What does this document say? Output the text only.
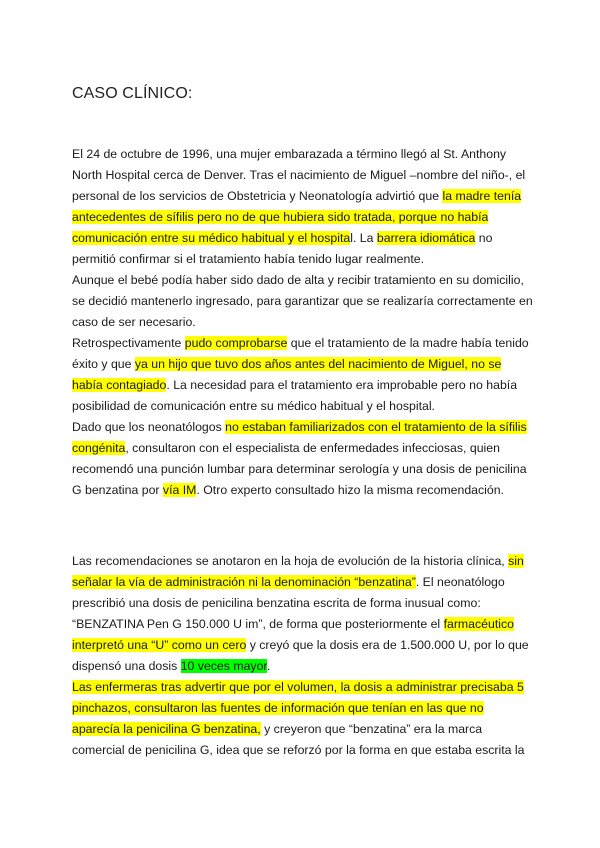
CASO CLÍNICO:
El 24 de octubre de 1996, una mujer embarazada a término llegó al St. Anthony
North Hospital cerca de Denver. Tras el nacimiento de Miguel –nombre del niño-, el
personal de los servicios de Obstetricia y Neonatología advirtió que la madre tenía
antecedentes de sífilis pero no de que hubiera sido tratada, porque no había
comunicación entre su médico habitual y el hospital. La barrera idiomática no
permitió confirmar si el tratamiento había tenido lugar realmente.
Aunque el bebé podía haber sido dado de alta y recibir tratamiento en su domicilio,
se decidió mantenerlo ingresado, para garantizar que se realizaría correctamente en
caso de ser necesario.
Retrospectivamente pudo comprobarse que el tratamiento de la madre había tenido
éxito y que ya un hijo que tuvo dos años antes del nacimiento de Miguel, no se
había contagiado. La necesidad para el tratamiento era improbable pero no había
posibilidad de comunicación entre su médico habitual y el hospital.
Dado que los neonatólogos no estaban familiarizados con el tratamiento de la sífilis
congénita, consultaron con el especialista de enfermedades infecciosas, quien
recomendó una punción lumbar para determinar serología y una dosis de penicilina
G benzatina por vía IM. Otro experto consultado hizo la misma recomendación.
Las recomendaciones se anotaron en la hoja de evolución de la historia clínica, sin
señalar la vía de administración ni la denominación “benzatina”. El neonatólogo
prescribió una dosis de penicilina benzatina escrita de forma inusual como:
“BENZATINA Pen G 150.000 U im”, de forma que posteriormente el farmacéutico
interpretó una “U” como un cero y creyó que la dosis era de 1.500.000 U, por lo que
dispensó una dosis 10 veces mayor.
Las enfermeras tras advertir que por el volumen, la dosis a administrar precisaba 5
pinchazos, consultaron las fuentes de información que tenían en las que no
aparecía la penicilina G benzatina, y creyeron que “benzatina” era la marca
comercial de penicilina G, idea que se reforzó por la forma en que estaba escrita la
